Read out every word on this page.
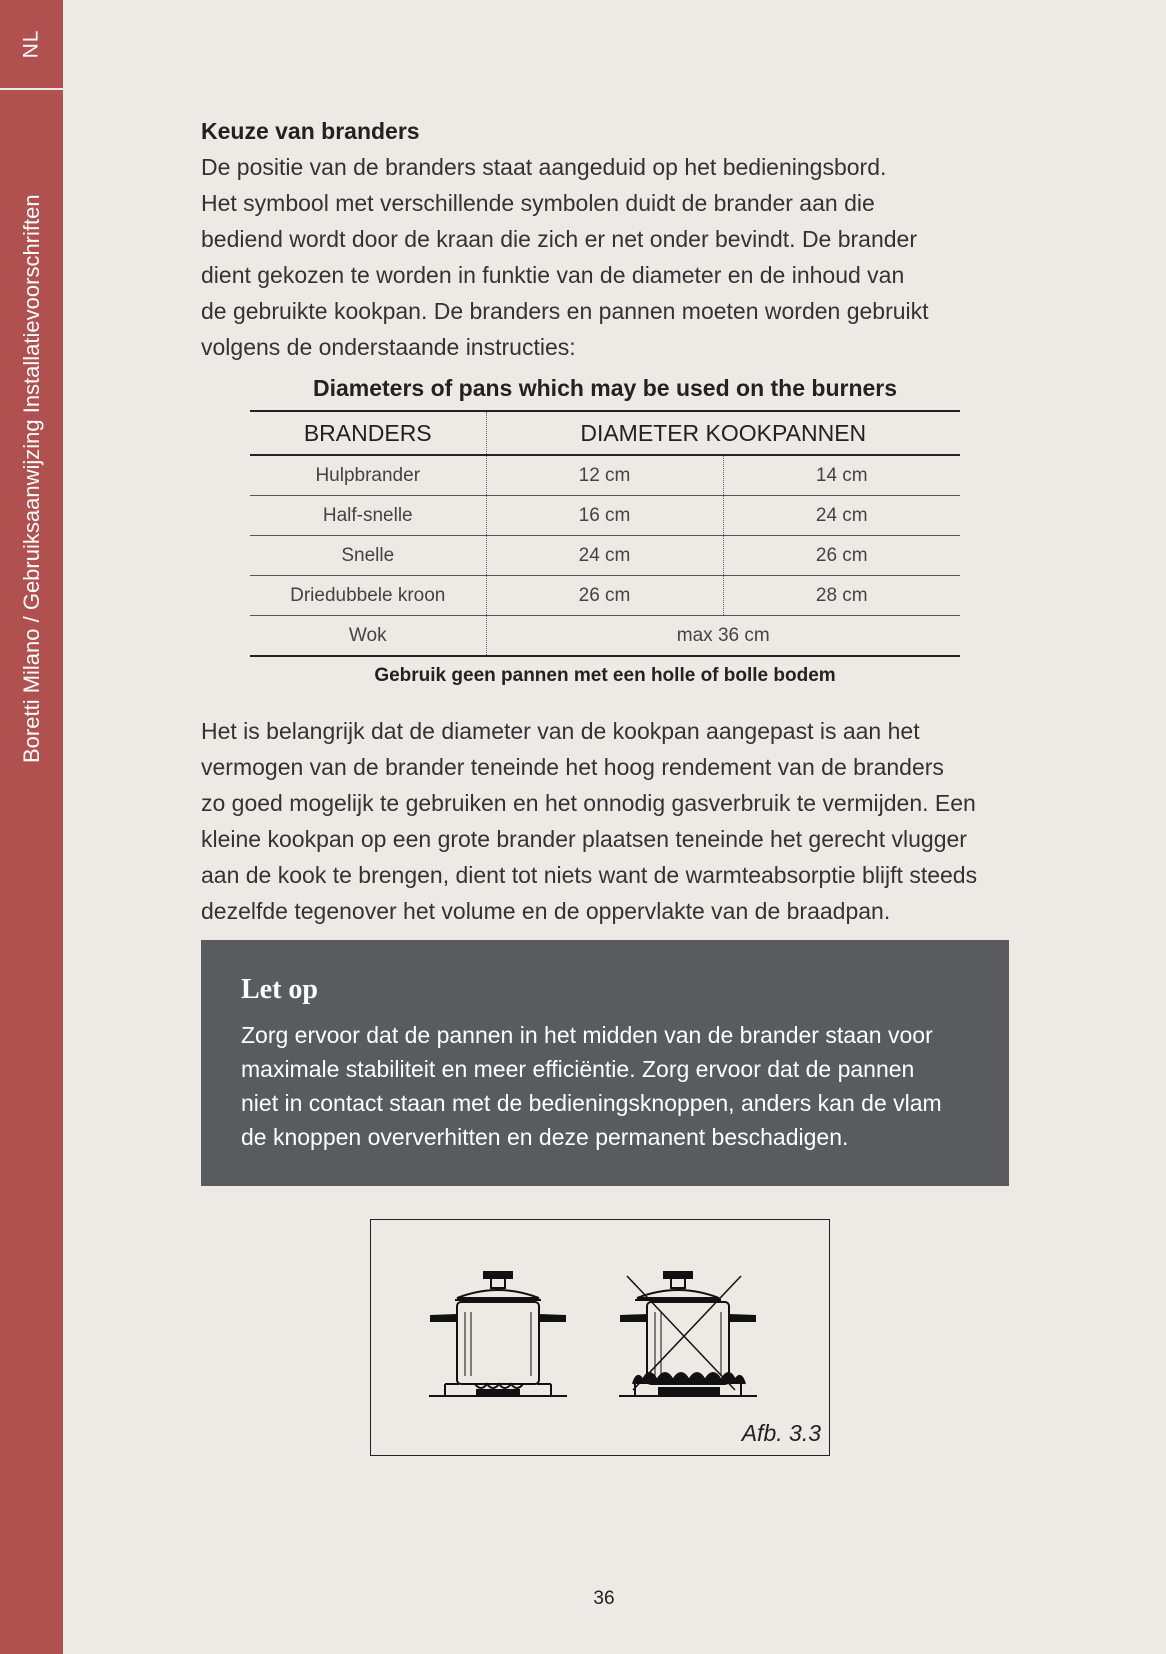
NL
Boretti Milano / Gebruiksaanwijzing Installatievoorschriften
Keuze van branders

De positie van de branders staat aangeduid op het bedieningsbord.
Het symbool met verschillende symbolen duidt de brander aan die
bediend wordt door de kraan die zich er net onder bevindt. De brander
dient gekozen te worden in funktie van de diameter en de inhoud van
de gebruikte kookpan. De branders en pannen moeten worden gebruikt
volgens de onderstaande instructies:

Diameters of pans which may be used on the burners
BRANDERS	DIAMETER KOOKPANNEN	
Hulpbrander	12 cm	14 cm
Half-snelle	16 cm	24 cm
Snelle	24 cm	26 cm
Driedubbele kroon	26 cm	28 cm
Wok	max 36 cm	
Gebruik geen pannen met een holle of bolle bodem

Het is belangrijk dat de diameter van de kookpan aangepast is aan het
vermogen van de brander teneinde het hoog rendement van de branders
zo goed mogelijk te gebruiken en het onnodig gasverbruik te vermijden. Een
kleine kookpan op een grote brander plaatsen teneinde het gerecht vlugger
aan de kook te brengen, dient tot niets want de warmteabsorptie blijft steeds
dezelfde tegenover het volume en de oppervlakte van de braadpan.

Let op

Zorg ervoor dat de pannen in het midden van de brander staan voor
maximale stabiliteit en meer efficiëntie. Zorg ervoor dat de pannen
niet in contact staan met de bedieningsknoppen, anders kan de vlam
de knoppen oververhitten en deze permanent beschadigen.

Afb. 3.3
36
